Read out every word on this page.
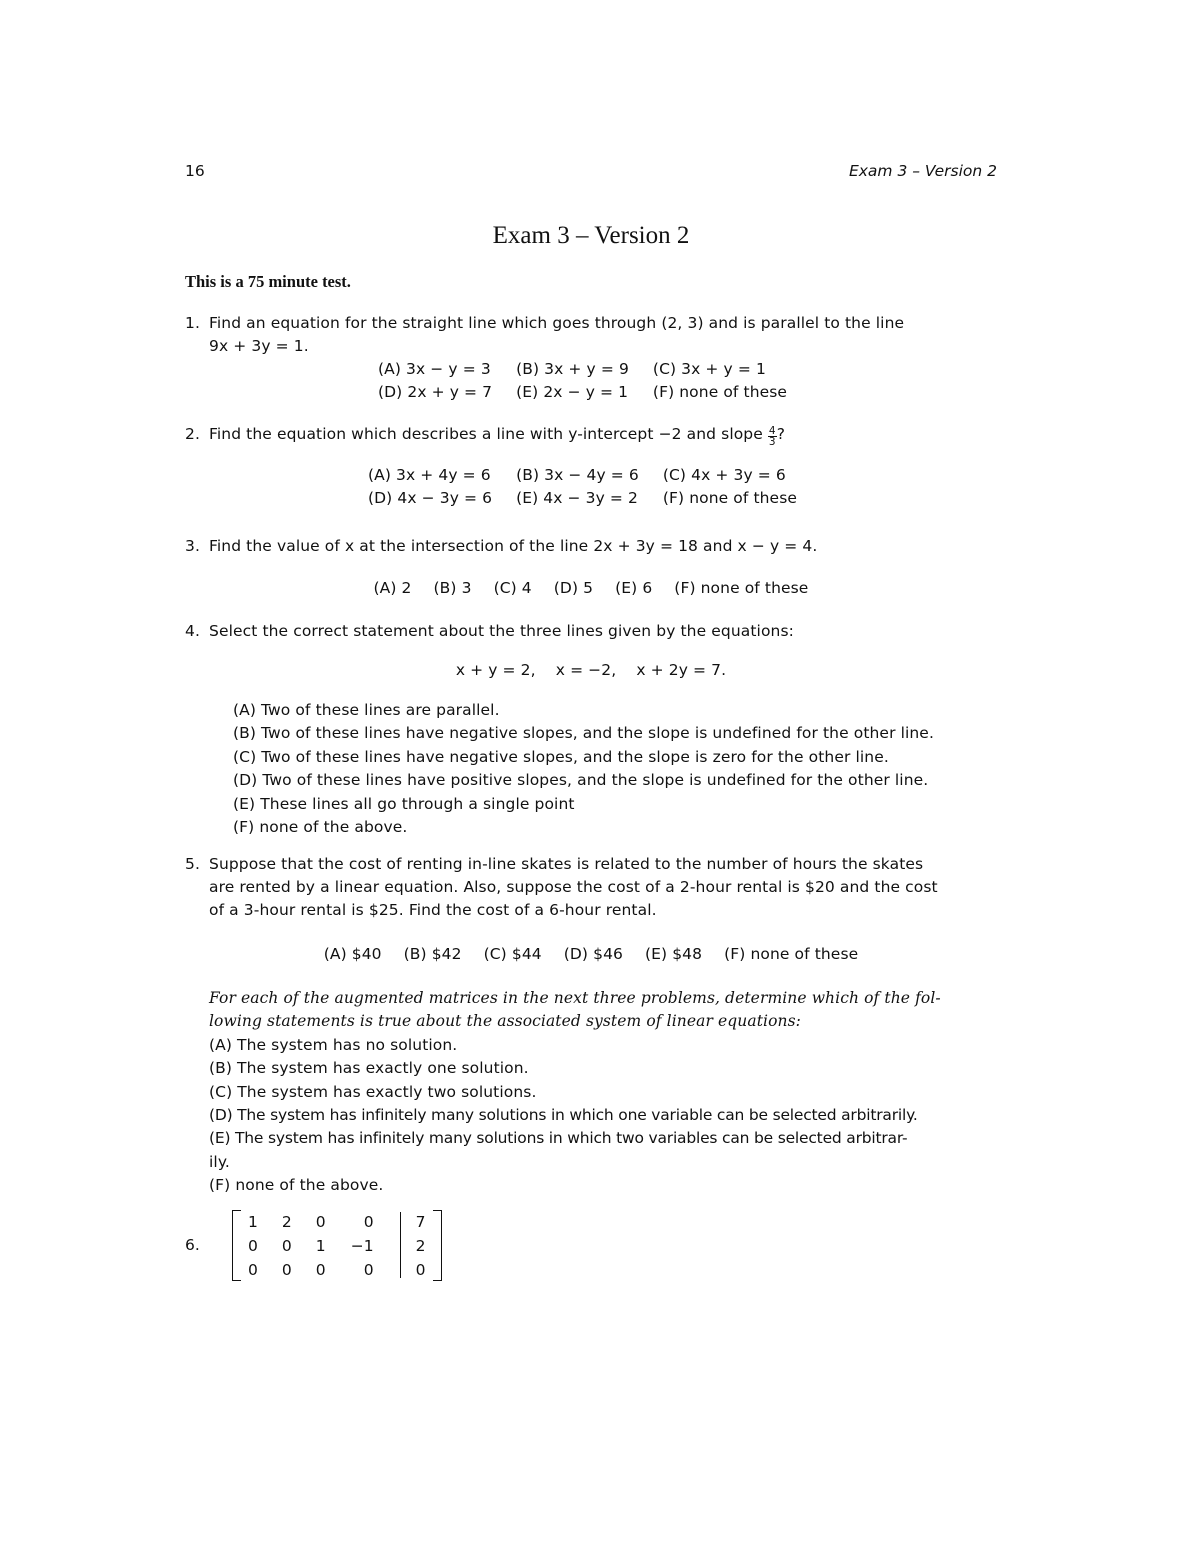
16	Exam 3 – Version 2
Exam 3 – Version 2
This is a 75 minute test.
1. Find an equation for the straight line which goes through (2, 3) and is parallel to the line
9x + 3y = 1.
(A) 3x − y = 3 (B) 3x + y = 9 (C) 3x + y = 1
(D) 2x + y = 7 (E) 2x − y = 1 (F) none of these
2. Find the equation which describes a line with y-intercept −2 and slope $\frac{4}{3}$ ?
(A) 3x + 4y = 6 (B) 3x − 4y = 6 (C) 4x + 3y = 6
(D) 4x − 3y = 6 (E) 4x − 3y = 2 (F) none of these
3. Find the value of x at the intersection of the line 2x + 3y = 18 and x − y = 4.
(A) 2 (B) 3 (C) 4 (D) 5 (E) 6 (F) none of these
4. Select the correct statement about the three lines given by the equations:
x + y = 2,    x = −2,    x + 2y = 7.
(A) Two of these lines are parallel.
(B) Two of these lines have negative slopes, and the slope is undefined for the other line.
(C) Two of these lines have negative slopes, and the slope is zero for the other line.
(D) Two of these lines have positive slopes, and the slope is undefined for the other line.
(E) These lines all go through a single point
(F) none of the above.
5. Suppose that the cost of renting in-line skates is related to the number of hours the skates
are rented by a linear equation. Also, suppose the cost of a 2-hour rental is $20 and the cost
of a 3-hour rental is $25. Find the cost of a 6-hour rental.
(A) $40 (B) $42 (C) $44 (D) $46 (E) $48 (F) none of these
For each of the augmented matrices in the next three problems, determine which of the fol-
lowing statements is true about the associated system of linear equations:
(A) The system has no solution.
(B) The system has exactly one solution.
(C) The system has exactly two solutions.
(D) The system has infinitely many solutions in which one variable can be selected arbitrarily.
(E) The system has infinitely many solutions in which two variables can be selected arbitrar-
ily.
(F) none of the above.
6.
1	2	0	0	7
0	0	1	−1	2
0	0	0	0	0
